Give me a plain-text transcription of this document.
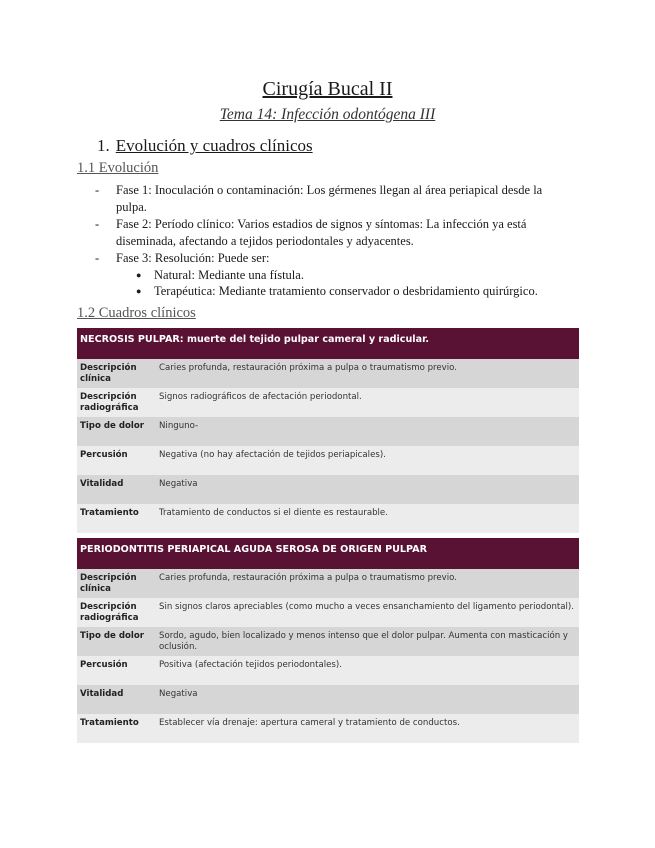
Cirugía Bucal II
Tema 14: Infección odontógena III
1. Evolución y cuadros clínicos
1.1 Evolución
- Fase 1: Inoculación o contaminación: Los gérmenes llegan al área periapical desde la pulpa.
- Fase 2: Período clínico: Varios estadios de signos y síntomas: La infección ya está diseminada, afectando a tejidos periodontales y adyacentes.
- Fase 3: Resolución: Puede ser:
● Natural: Mediante una fístula.
● Terapéutica: Mediante tratamiento conservador o desbridamiento quirúrgico.
1.2 Cuadros clínicos
NECROSIS PULPAR: muerte del tejido pulpar cameral y radicular.	
Descripción clínica	Caries profunda, restauración próxima a pulpa o traumatismo previo.
Descripción radiográfica	Signos radiográficos de afectación periodontal.
Tipo de dolor	Ninguno-
Percusión	Negativa (no hay afectación de tejidos periapicales).
Vitalidad	Negativa
Tratamiento	Tratamiento de conductos si el diente es restaurable.
PERIODONTITIS PERIAPICAL AGUDA SEROSA DE ORIGEN PULPAR	
Descripción clínica	Caries profunda, restauración próxima a pulpa o traumatismo previo.
Descripción radiográfica	Sin signos claros apreciables (como mucho a veces ensanchamiento del ligamento periodontal).
Tipo de dolor	Sordo, agudo, bien localizado y menos intenso que el dolor pulpar. Aumenta con masticación y oclusión.
Percusión	Positiva (afectación tejidos periodontales).
Vitalidad	Negativa
Tratamiento	Establecer vía drenaje: apertura cameral y tratamiento de conductos.
